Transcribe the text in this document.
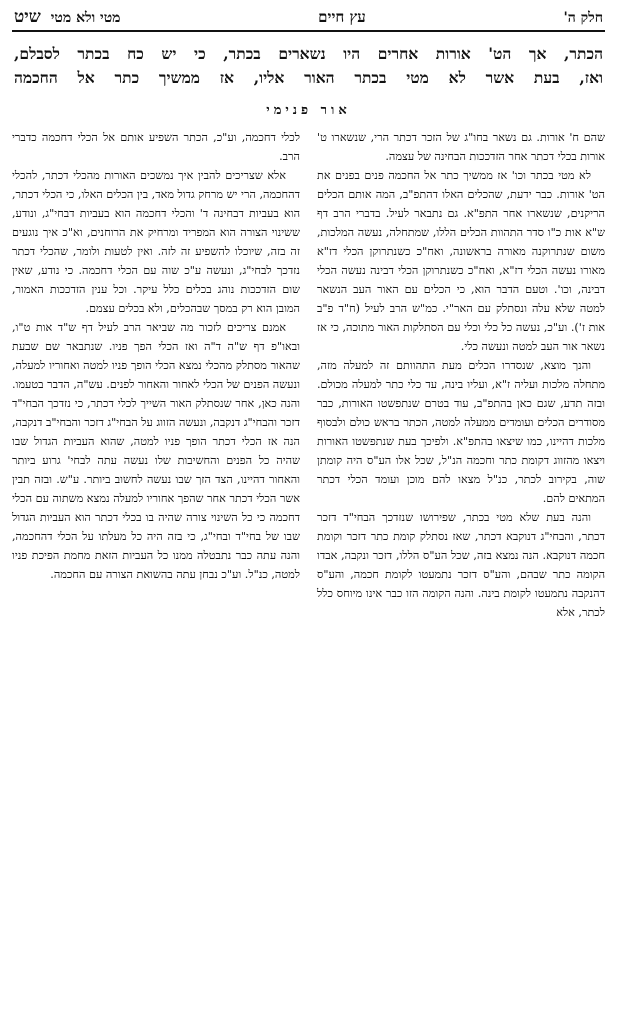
חלק ה'
עץ חיים
מטי ולא מטי
שיט
הכתר, אך הט' אורות אחרים היו נשארים בכתר, כי יש כח בכתר לסבלם,
ואז, בעת אשר לא מטי בכתר האור אליו, אז ממשיך כתר אל החכמה
אור פנימי

שהם ח' אורות. גם נשאר בחו"ג של הזכר דכתר הרי, שנשארו ט' אורות בכלי דכתר אחר הזדככות הבחינה של עצמה.

לא מטי בכתר וכו' אז ממשיך כתר אל החכמה פנים בפנים את הט' אורות. כבר ידעת, שהכלים האלו דהתפ"ב, המה אותם הכלים הריקנים, שנשארו אחר התפ"א. גם נתבאר לעיל. בדברי הרב דף ש"א אות כ"ו סדר התהוות הכלים הללו, שמתחלה, נעשה המלכות, משום שנתרוקנה מאורה בראשונה, ואח"כ כשנתרוקן הכלי דז"א מאורו נעשה הכלי דז"א, ואח"כ כשנתרוקן הכלי דבינה נעשה הכלי דבינה, וכו'. וטעם הדבר הוא, כי הכלים עם האור העב הנשאר למטה שלא עלה ונסתלק עם האר"י. כמ"ש הרב לעיל (ח"ד פ"ב אות ז'). וע"כ, נעשה כל כלי וכלי עם הסתלקות האור מתוכה, כי אז נשאר אור העב למטה ונעשה כלי.

והנך מוצא, שנסדרו הכלים מעת התהוותם זה למעלה מזה, מתחלה מלכות ועליה ז"א, ועליו בינה, עד כלי כתר למעלה מכולם. ובזה תדע, שגם כאן בהתפ"ב, עוד בטרם שנתפשטו האורות, כבר מסודרים הכלים ועומדים ממעלה למטה, הכתר בראש כולם ולבסוף מלכות דהיינו, כמו שיצאו בהתפ"א. ולפיכך בעת שנתפשטו האורות ויצאו מהזווג דקומת כתר וחכמה הנ"ל, שכל אלו הע"ס היה קומתן שוה, בקירוב לכתר, כנ"ל מצאו להם מוכן ועומד הכלי דכתר המתאים להם.

והנה בעת שלא מטי בכתר, שפירושו שנזדכך הבחי"ד דזכר דכתר, והבחי"ג דנוקבא דכתר, שאז נסתלק קומת כתר דזכר וקומת חכמה דנוקבא. הנה נמצא בזה, שכל הע"ס הללו, דזכר ונקבה, אבדו הקומה כתר שבהם, והע"ס דזכר נתמעטו לקומת חכמה, והע"ס דהנקבה נתמעטו לקומת בינה. והנה הקומה הזו כבר אינו מיוחס כלל לכתר, אלא

לכלי דחכמה, וע"כ, הכתר השפיע אותם אל הכלי דחכמה כדברי הרב.

אלא שצריכים להבין איך נמשכים האורות מהכלי דכתר, להכלי דהחכמה, הרי יש מרחק גדול מאד, בין הכלים האלו, כי הכלי דכתר, הוא בעביות דבחינה ד' והכלי דחכמה הוא בעביות דבחי"ג, ונודע, ששינוי הצורה הוא המפריד ומרחיק את הרוחנים, וא"כ איך נוגעים זה בזה, שיוכלו להשפיע זה לזה. ואין לטעות ולומר, שהכלי דכתר נזדכך לבחי"ג, ונעשה ע"כ שוה עם הכלי דחכמה. כי נודע, שאין שום הזדככות נוהג בכלים כלל עיקר. וכל ענין הזדככות האמור, המובן הוא רק במסך שבהכלים, ולא בכלים עצמם.

אמנם צריכים לזכור מה שביאר הרב לעיל דף ש"ד אות ט"ו, ובאו"פ דף ש"ה ד"ה ואז הכלי הפך פניו. שנתבאר שם שבעת שהאור מסתלק מהכלי נמצא הכלי הופך פניו למטה ואחוריו למעלה, ונעשה הפנים של הכלי לאחור והאחור לפנים. עש"ה, הדבר בטעמו. והנה כאן, אחר שנסתלק האור השייך לכלי דכתר, כי נזדכך הבחי"ד דזכר והבחי"ג דנקבה, ונעשה הזווג על הבחי"ג דזכר והבחי"ב דנקבה, הנה אז הכלי דכתר הופך פניו למטה, שהוא העביות הגדול שבו שהיה כל הפנים והחשיבות שלו נעשה עתה לבחי' גרוע ביותר והאחור דהיינו, הצד הזך שבו נעשה לחשוב ביותר. ע"ש. ובזה תבין אשר הכלי דכתר אחר שהפך אחוריו למעלה נמצא משתוה עם הכלי דחכמה כי כל השינוי צורה שהיה בו בכלי דכתר הוא העביות הגדול שבו של בחי"ד ובחי"ג, כי בזה היה כל מעלתו על הכלי דהחכמה, והנה עתה כבר נתבטלה ממנו כל העביות הזאת מחמת הפיכת פניו למטה, כנ"ל. וע"כ נבחן עתה בהשואת הצורה עם החכמה.
